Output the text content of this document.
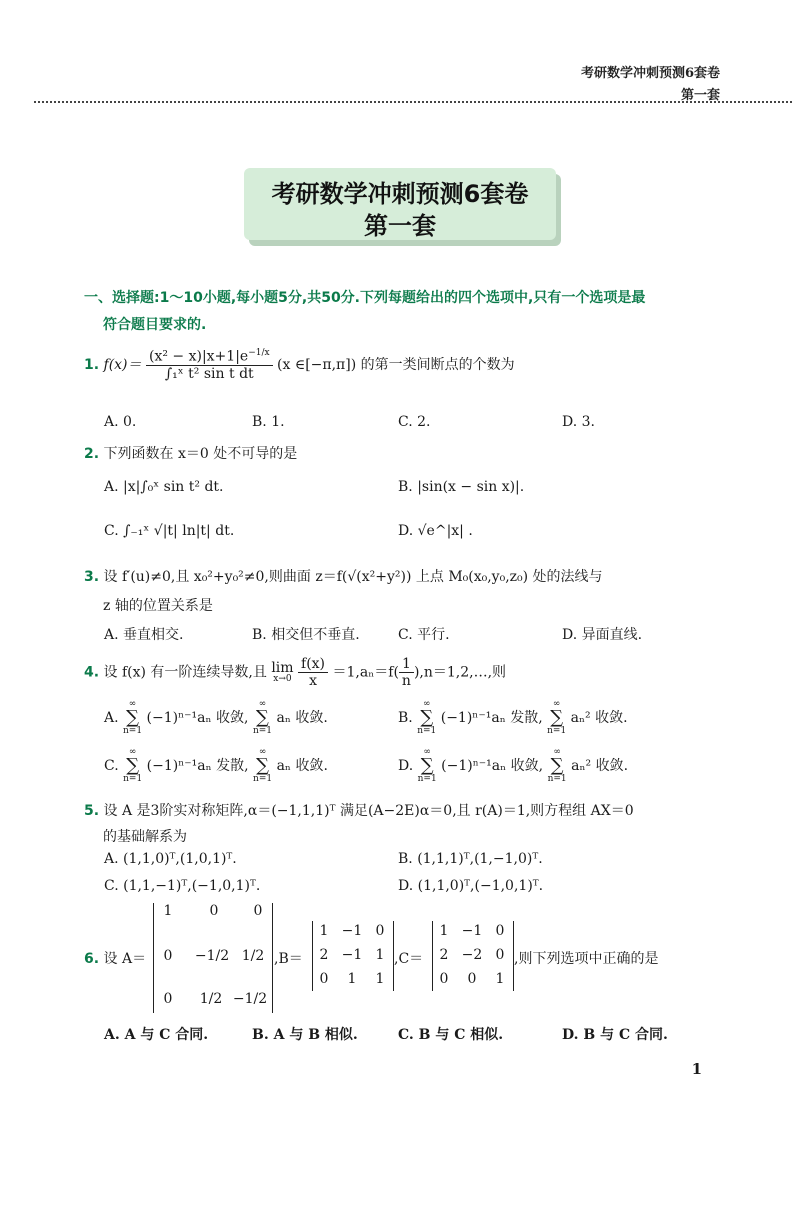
考研数学冲刺预测6套卷
第一套
考研数学冲刺预测6套卷
第一套
一、选择题:1～10小题,每小题5分,共50分.下列每题给出的四个选项中,只有一个选项是最
符合题目要求的.
1. $f(x)= \frac{(x^2 - x)|x+1|e^{-1/x}}{\text{∫₁ˣ t² sin t dt}} (x$ ∈[−π,π]) 的第一类间断点的个数为
A. 0.	B. 1.	C. 2.	D. 3.
2. 下列函数在 x＝0 处不可导的是
A. |x|∫₀ˣ sin t² dt.	B. |sin(x − sin x)|.
C. ∫₋₁ˣ √|t| ln|t| dt.	D. √e^|x| .
3. 设 f′(u)≠0,且 x₀²+y₀²≠0,则曲面 z＝f(√(x²+y²)) 上点 M₀(x₀,y₀,z₀) 处的法线与
z 轴的位置关系是
A. 垂直相交.	B. 相交但不垂直.	C. 平行.	D. 异面直线.
4. 设 f(x) 有一阶连续导数,且 lim
x→0
$\frac{f(x)}{x} =1,a_n=f( \frac{1}{n}$ ),n＝1,2,…,则
A.
∞
∑
n=1
(−1)ⁿ⁻¹aₙ 收敛,
∞
∑
n=1
aₙ 收敛.	B.
∞
∑
n=1
(−1)ⁿ⁻¹aₙ 发散,
∞
∑
n=1
aₙ² 收敛.
C.
∞
∑
n=1
(−1)ⁿ⁻¹aₙ 发散,
∞
∑
n=1
aₙ 收敛.	D.
∞
∑
n=1
(−1)ⁿ⁻¹aₙ 收敛,
∞
∑
n=1
aₙ² 收敛.
5. 设 A 是3阶实对称矩阵,α＝(−1,1,1)ᵀ 满足(A−2E)α＝0,且 r(A)＝1,则方程组 AX＝0
的基础解系为
A. (1,1,0)ᵀ,(1,0,1)ᵀ.	B. (1,1,1)ᵀ,(1,−1,0)ᵀ.
C. (1,1,−1)ᵀ,(−1,0,1)ᵀ.	D. (1,1,0)ᵀ,(−1,0,1)ᵀ.
6. 设 A＝
1	0	0
0	−1/2 1/2
0	1/2 −1/2
,B＝
1 −1 0
2 −1 1
0	1	1
,C＝
1 −1 0
2 −2 0
0	0	1
,则下列选项中正确的是
A. A 与 C 合同.	B. A 与 B 相似.	C. B 与 C 相似.	D. B 与 C 合同.
1
